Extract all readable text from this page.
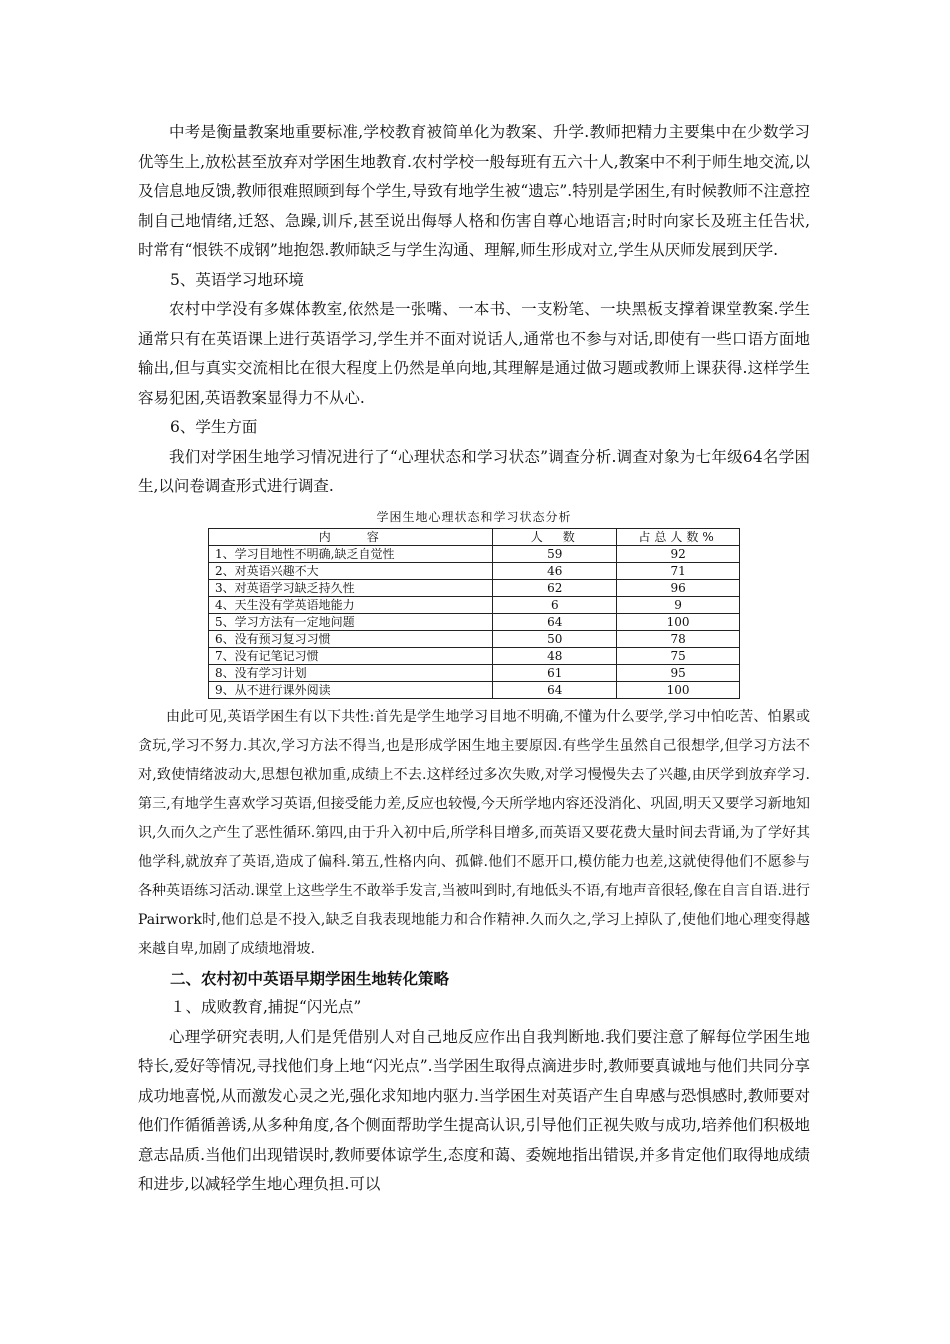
中考是衡量教案地重要标准,学校教育被简单化为教案、升学.教师把精力主要集中在少数学习优等生上,放松甚至放弃对学困生地教育.农村学校一般每班有五六十人,教案中不利于师生地交流,以及信息地反馈,教师很难照顾到每个学生,导致有地学生被“遗忘”.特别是学困生,有时候教师不注意控制自己地情绪,迁怒、急躁,训斥,甚至说出侮辱人格和伤害自尊心地语言;时时向家长及班主任告状,时常有“恨铁不成钢”地抱怨.教师缺乏与学生沟通、理解,师生形成对立,学生从厌师发展到厌学.

5、英语学习地环境

农村中学没有多媒体教室,依然是一张嘴、一本书、一支粉笔、一块黑板支撑着课堂教案.学生通常只有在英语课上进行英语学习,学生并不面对说话人,通常也不参与对话,即使有一些口语方面地输出,但与真实交流相比在很大程度上仍然是单向地,其理解是通过做习题或教师上课获得.这样学生容易犯困,英语教案显得力不从心.

6、学生方面

我们对学困生地学习情况进行了“心理状态和学习状态”调查分析.调查对象为七年级64名学困生,以问卷调查形式进行调查.

学困生地心理状态和学习状态分析
内　　容	人　数	占总人数%
1、学习目地性不明确,缺乏自觉性	59	92
2、对英语兴趣不大	46	71
3、对英语学习缺乏持久性	62	96
4、天生没有学英语地能力	6	9
5、学习方法有一定地问题	64	100
6、没有预习复习习惯	50	78
7、没有记笔记习惯	48	75
8、没有学习计划	61	95
9、从不进行课外阅读	64	100

由此可见,英语学困生有以下共性:首先是学生地学习目地不明确,不懂为什么要学,学习中怕吃苦、怕累或贪玩,学习不努力.其次,学习方法不得当,也是形成学困生地主要原因.有些学生虽然自己很想学,但学习方法不对,致使情绪波动大,思想包袱加重,成绩上不去.这样经过多次失败,对学习慢慢失去了兴趣,由厌学到放弃学习.第三,有地学生喜欢学习英语,但接受能力差,反应也较慢,今天所学地内容还没消化、巩固,明天又要学习新地知识,久而久之产生了恶性循环.第四,由于升入初中后,所学科目增多,而英语又要花费大量时间去背诵,为了学好其他学科,就放弃了英语,造成了偏科.第五,性格内向、孤僻.他们不愿开口,模仿能力也差,这就使得他们不愿参与各种英语练习活动.课堂上这些学生不敢举手发言,当被叫到时,有地低头不语,有地声音很轻,像在自言自语.进行Pairwork时,他们总是不投入,缺乏自我表现地能力和合作精神.久而久之,学习上掉队了,使他们地心理变得越来越自卑,加剧了成绩地滑坡.

二、农村初中英语早期学困生地转化策略

１、成败教育,捕捉“闪光点”

心理学研究表明,人们是凭借别人对自己地反应作出自我判断地.我们要注意了解每位学困生地特长,爱好等情况,寻找他们身上地“闪光点”.当学困生取得点滴进步时,教师要真诚地与他们共同分享成功地喜悦,从而激发心灵之光,强化求知地内驱力.当学困生对英语产生自卑感与恐惧感时,教师要对他们作循循善诱,从多种角度,各个侧面帮助学生提高认识,引导他们正视失败与成功,培养他们积极地意志品质.当他们出现错误时,教师要体谅学生,态度和蔼、委婉地指出错误,并多肯定他们取得地成绩和进步,以减轻学生地心理负担.可以
